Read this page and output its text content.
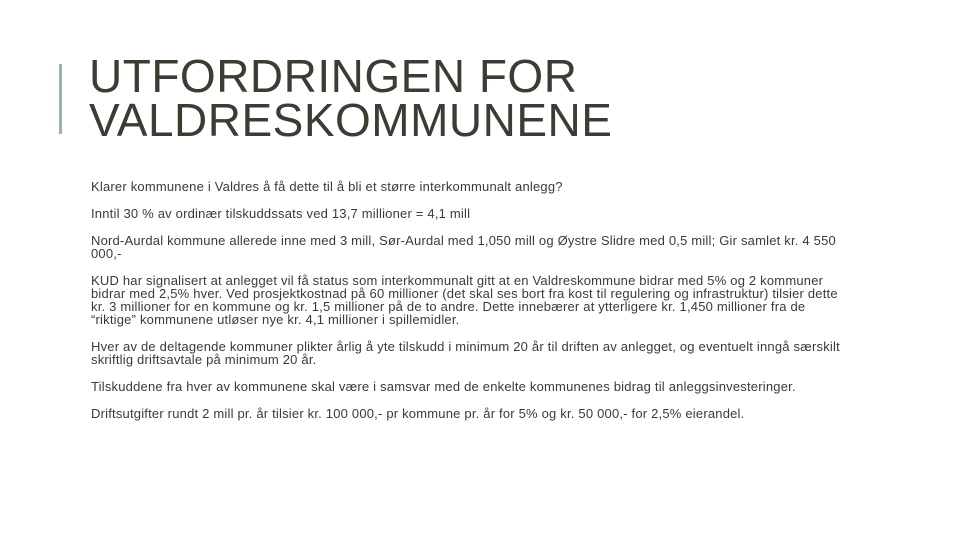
UTFORDRINGEN FOR
VALDRESKOMMUNENE
Klarer kommunene i Valdres å få dette til å bli et større interkommunalt anlegg?
Inntil 30 % av ordinær tilskuddssats ved 13,7 millioner = 4,1 mill
Nord-Aurdal kommune allerede inne med 3 mill, Sør-Aurdal med 1,050 mill og Øystre Slidre med 0,5 mill; Gir samlet kr. 4 550 000,-
KUD har signalisert at anlegget vil få status som interkommunalt gitt at en Valdreskommune bidrar med 5% og 2 kommuner bidrar med 2,5% hver. Ved prosjektkostnad på 60 millioner (det skal ses bort fra kost til regulering og infrastruktur) tilsier dette kr. 3 millioner for en kommune og kr. 1,5 millioner på de to andre. Dette innebærer at ytterligere kr. 1,450 millioner fra de “riktige” kommunene utløser nye kr. 4,1 millioner i spillemidler.
Hver av de deltagende kommuner plikter årlig å yte tilskudd i minimum 20 år til driften av anlegget, og eventuelt inngå særskilt skriftlig driftsavtale på minimum 20 år.
Tilskuddene fra hver av kommunene skal være i samsvar med de enkelte kommunenes bidrag til anleggsinvesteringer.
Driftsutgifter rundt 2 mill pr. år tilsier kr. 100 000,- pr kommune pr. år for 5% og kr. 50 000,- for 2,5% eierandel.
